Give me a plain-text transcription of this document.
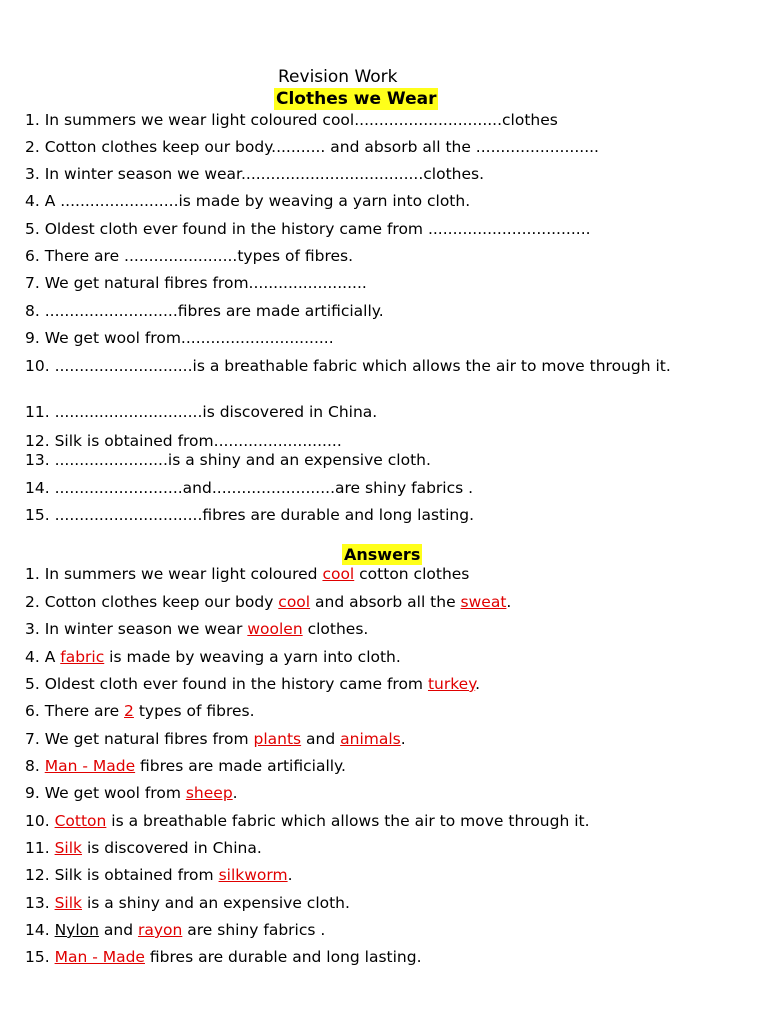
Revision Work
Clothes we Wear
1. In summers we wear light coloured cool..............................clothes
2. Cotton clothes keep our body........... and absorb all the .........................
3. In winter season we wear.....................................clothes.
4. A ........................is made by weaving a yarn into cloth.
5. Oldest cloth ever found in the history came from .................................
6. There are .......................types of fibres.
7. We get natural fibres from........................
8. ...........................fibres are made artificially.
9. We get wool from...............................
10. ............................is a breathable fabric which allows the air to move through it.
11. ..............................is discovered in China.
12. Silk is obtained from..........................
13. .......................is a shiny and an expensive cloth.
14. ..........................and.........................are shiny fabrics .
15. ..............................fibres are durable and long lasting.
Answers
1. In summers we wear light coloured cool cotton clothes
2. Cotton clothes keep our body cool and absorb all the sweat.
3. In winter season we wear woolen clothes.
4. A fabric is made by weaving a yarn into cloth.
5. Oldest cloth ever found in the history came from turkey.
6. There are 2 types of fibres.
7. We get natural fibres from plants and animals.
8. Man - Made fibres are made artificially.
9. We get wool from sheep.
10. Cotton is a breathable fabric which allows the air to move through it.
11. Silk is discovered in China.
12. Silk is obtained from silkworm.
13. Silk is a shiny and an expensive cloth.
14. Nylon and rayon are shiny fabrics .
15. Man - Made fibres are durable and long lasting.
